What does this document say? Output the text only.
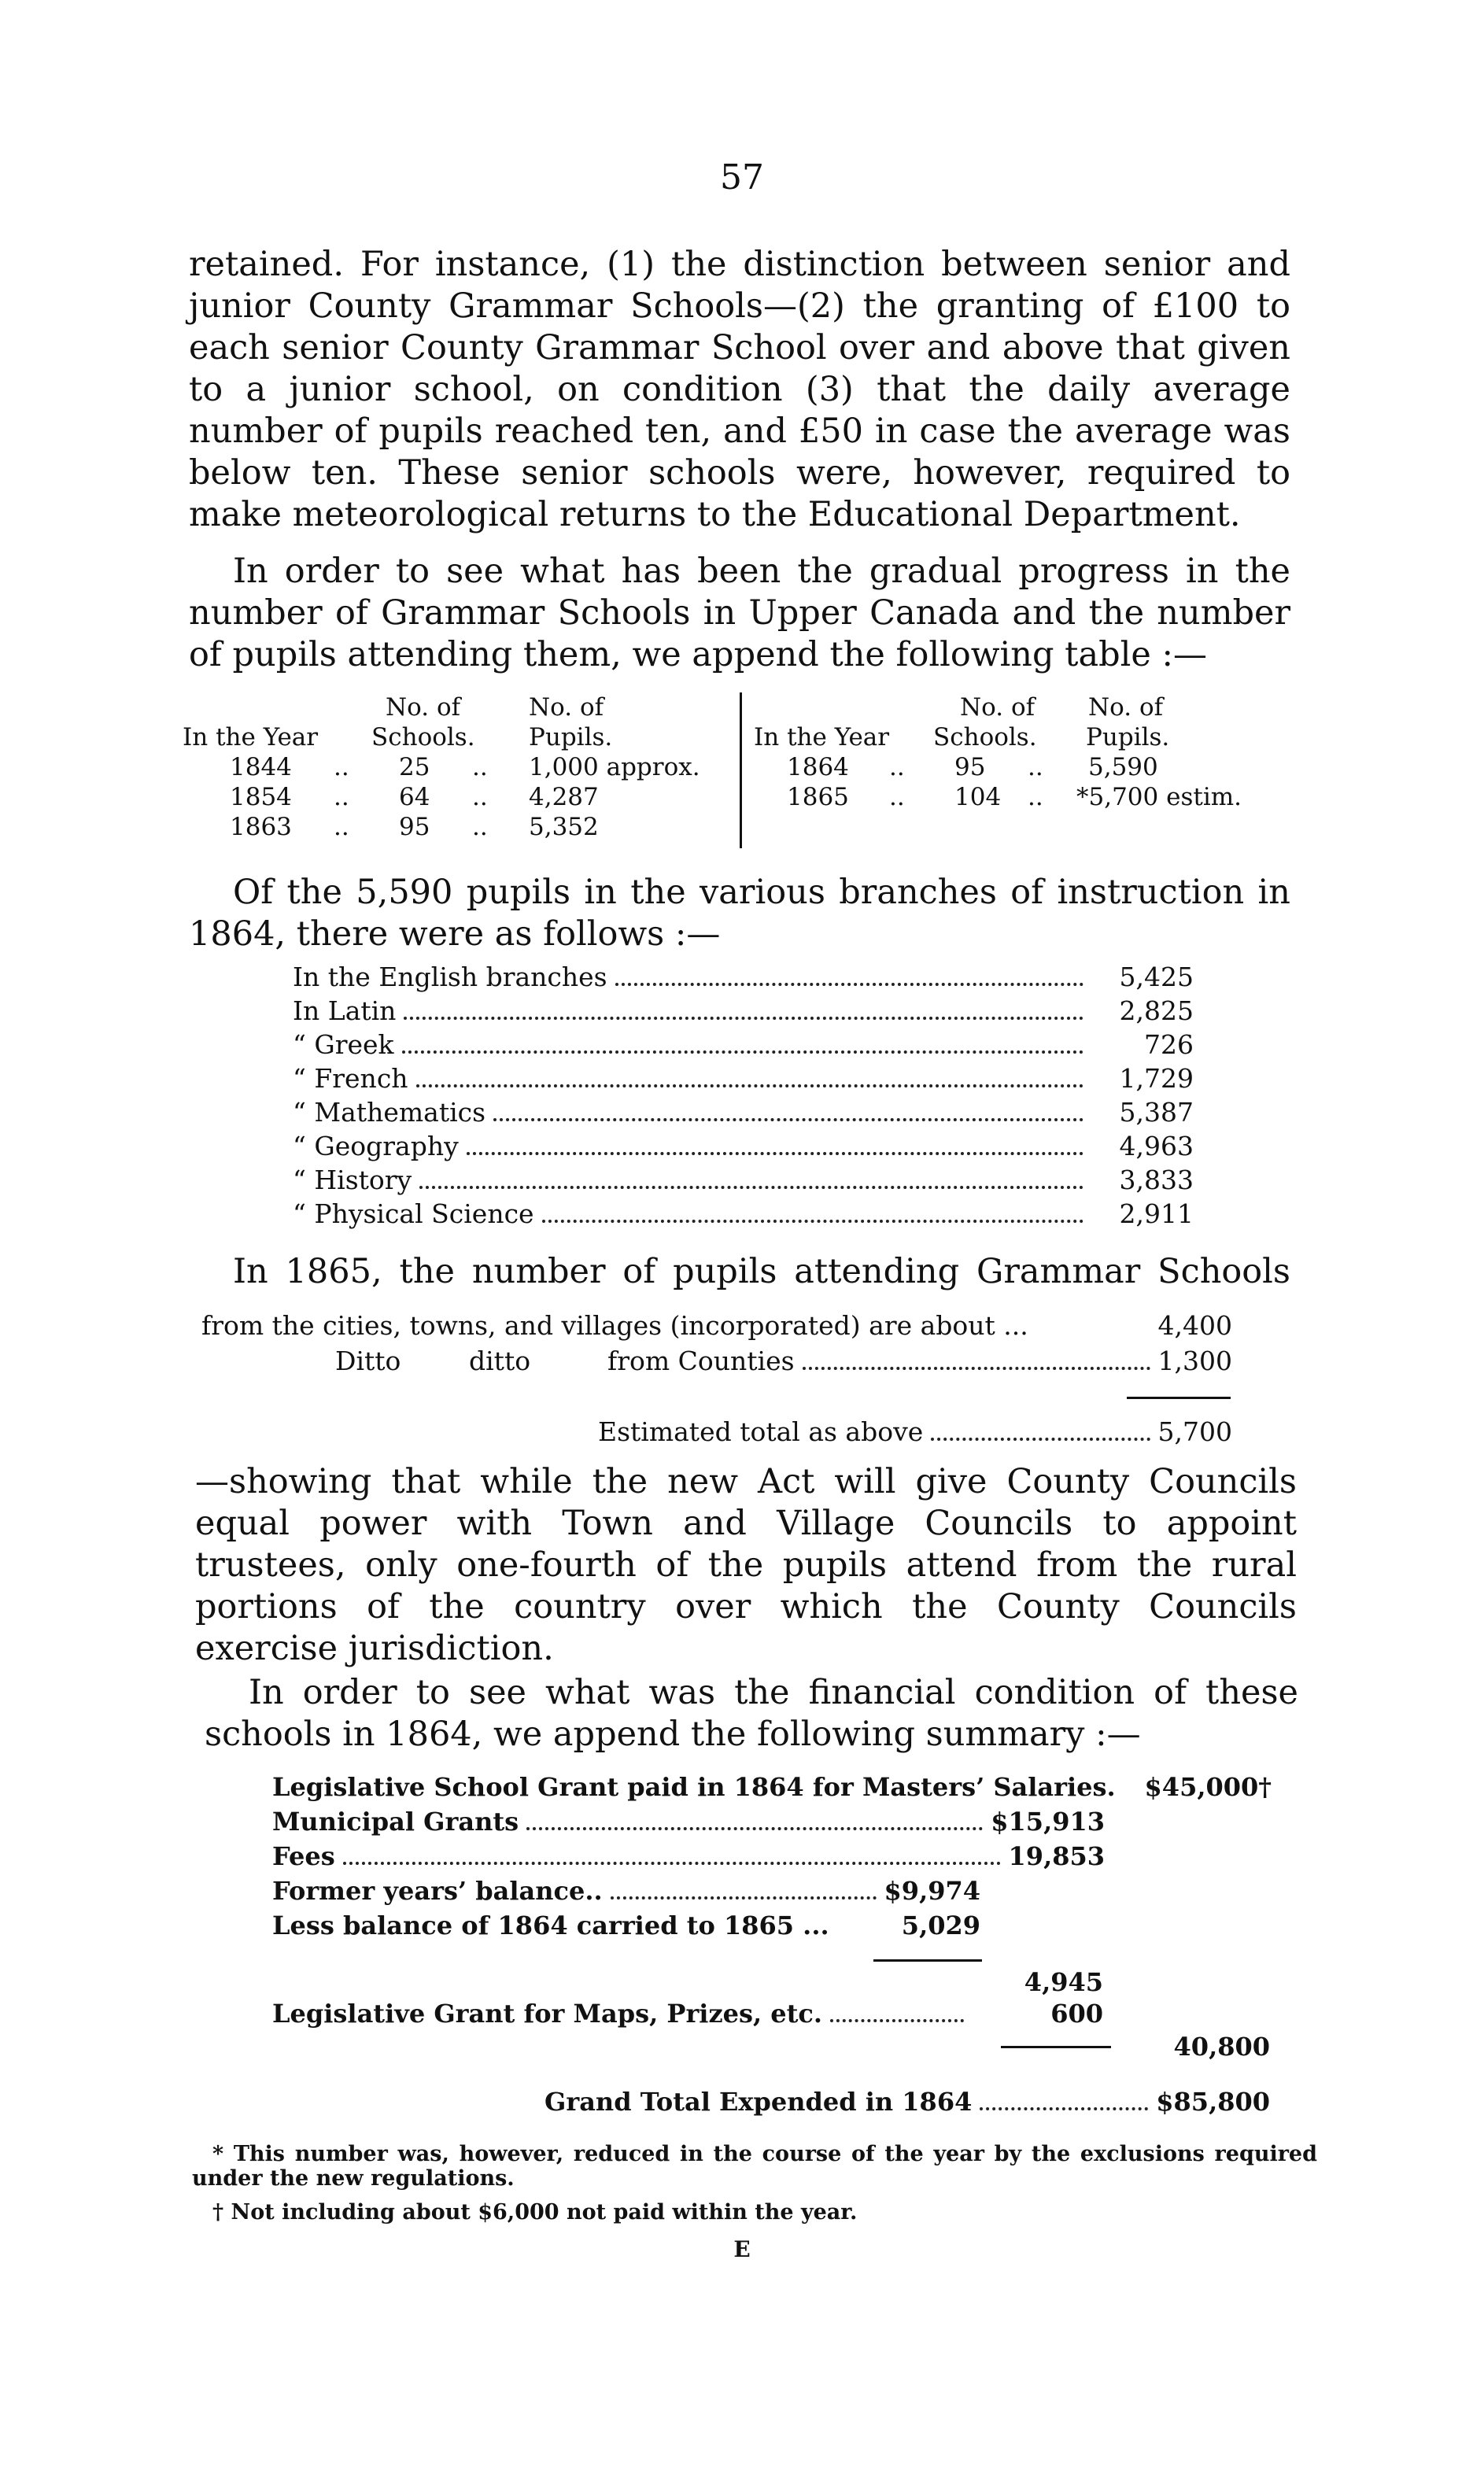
57

retained. For instance, (1) the distinction between senior and junior County Grammar Schools—(2) the granting of £100 to each senior County Grammar School over and above that given to a junior school, on condition (3) that the daily average number of pupils reached ten, and £50 in case the average was below ten. These senior schools were, however, required to make meteorological returns to the Educational Department.

In order to see what has been the gradual progress in the number of Grammar Schools in Upper Canada and the number of pupils attending them, we append the following table :—

No. of	No. of
In the Year Schools. Pupils.
1844 .. 25 .. 1,000 approx.
1854 .. 64 .. 4,287
1863 .. 95 .. 5,352
No. of No. of
In the Year Schools. Pupils.
1864 .. 95 .. 5,590
1865 .. 104 .. *5,700 estim.

Of the 5,590 pupils in the various branches of instruction in 1864, there were as follows :—

In the English branches	5,425
In Latin	2,825
“ Greek	726
“ French	1,729
“ Mathematics	5,387
“ Geography	4,963
“ History	3,833
“ Physical Science	2,911

In 1865, the number of pupils attending Grammar Schools

from the cities, towns, and villages (incorporated) are about ...	4,400
Ditto	ditto	from Counties	1,300
Estimated total as above	5,700

—showing that while the new Act will give County Councils equal power with Town and Village Councils to appoint trustees, only one-fourth of the pupils attend from the rural portions of the country over which the County Councils exercise jurisdiction.

In order to see what was the financial condition of these schools in 1864, we append the following summary :—

Legislative School Grant paid in 1864 for Masters’ Salaries. $45,000†
Municipal Grants	$15,913
Fees	19,853
Former years’ balance..	$9,974
Less balance of 1864 carried to 1865 ...	5,029
4,945
Legislative Grant for Maps, Prizes, etc.	600
40,800
Grand Total Expended in 1864	$85,800

* This number was, however, reduced in the course of the year by the exclusions required under the new regulations.

† Not including about $6,000 not paid within the year.

E
